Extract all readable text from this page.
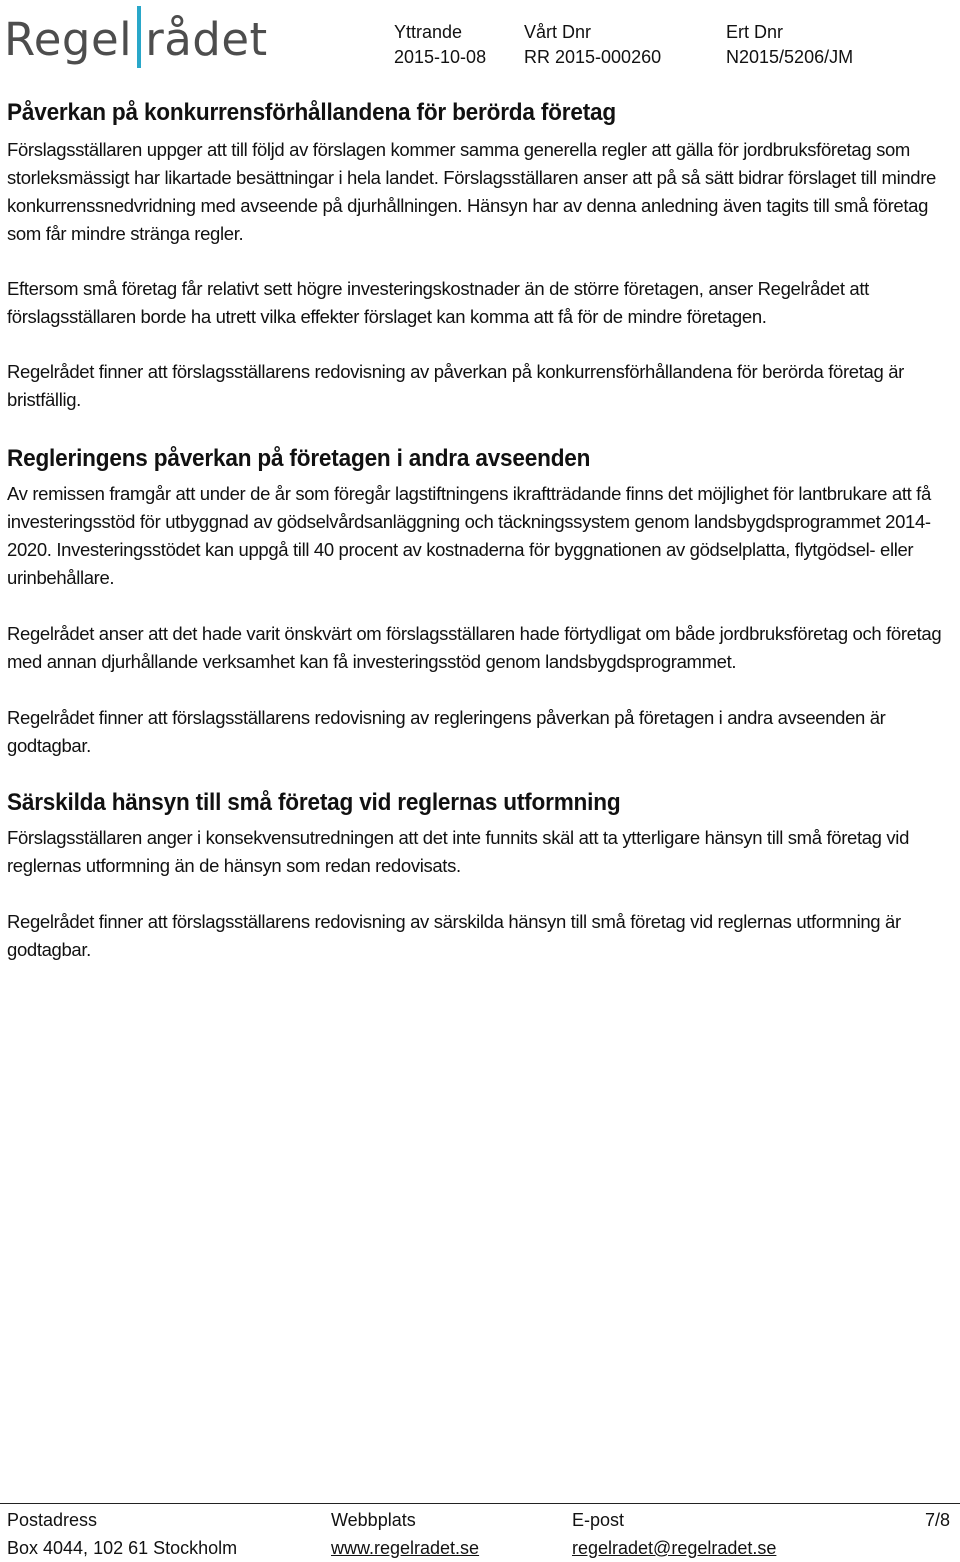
Regel rådet	Yttrande
2015-10-08
Vårt Dnr
RR 2015-000260
Ert Dnr
N2015/5206/JM
Påverkan på konkurrensförhållandena för berörda företag

Förslagsställaren uppger att till följd av förslagen kommer samma generella regler att gälla för jordbruksföretag som storleksmässigt har likartade besättningar i hela landet. Förslagsställaren anser att på så sätt bidrar förslaget till mindre konkurrenssnedvridning med avseende på djurhållningen. Hänsyn har av denna anledning även tagits till små företag som får mindre stränga regler.

Eftersom små företag får relativt sett högre investeringskostnader än de större företagen, anser Regelrådet att förslagsställaren borde ha utrett vilka effekter förslaget kan komma att få för de mindre företagen.

Regelrådet finner att förslagsställarens redovisning av påverkan på konkurrensförhållandena för berörda företag är bristfällig.

Regleringens påverkan på företagen i andra avseenden

Av remissen framgår att under de år som föregår lagstiftningens ikraftträdande finns det möjlighet för lantbrukare att få investeringsstöd för utbyggnad av gödselvårdsanläggning och täckningssystem genom landsbygdsprogrammet 2014-2020. Investeringsstödet kan uppgå till 40 procent av kostnaderna för byggnationen av gödselplatta, flytgödsel- eller urinbehållare.

Regelrådet anser att det hade varit önskvärt om förslagsställaren hade förtydligat om både jordbruksföretag och företag med annan djurhållande verksamhet kan få investeringsstöd genom landsbygdsprogrammet.

Regelrådet finner att förslagsställarens redovisning av regleringens påverkan på företagen i andra avseenden är godtagbar.

Särskilda hänsyn till små företag vid reglernas utformning

Förslagsställaren anger i konsekvensutredningen att det inte funnits skäl att ta ytterligare hänsyn till små företag vid reglernas utformning än de hänsyn som redan redovisats.

Regelrådet finner att förslagsställarens redovisning av särskilda hänsyn till små företag vid reglernas utformning är godtagbar.

Postadress
Box 4044, 102 61 Stockholm
Webbplats
www.regelradet.se
E-post
regelradet@regelradet.se
7/8
